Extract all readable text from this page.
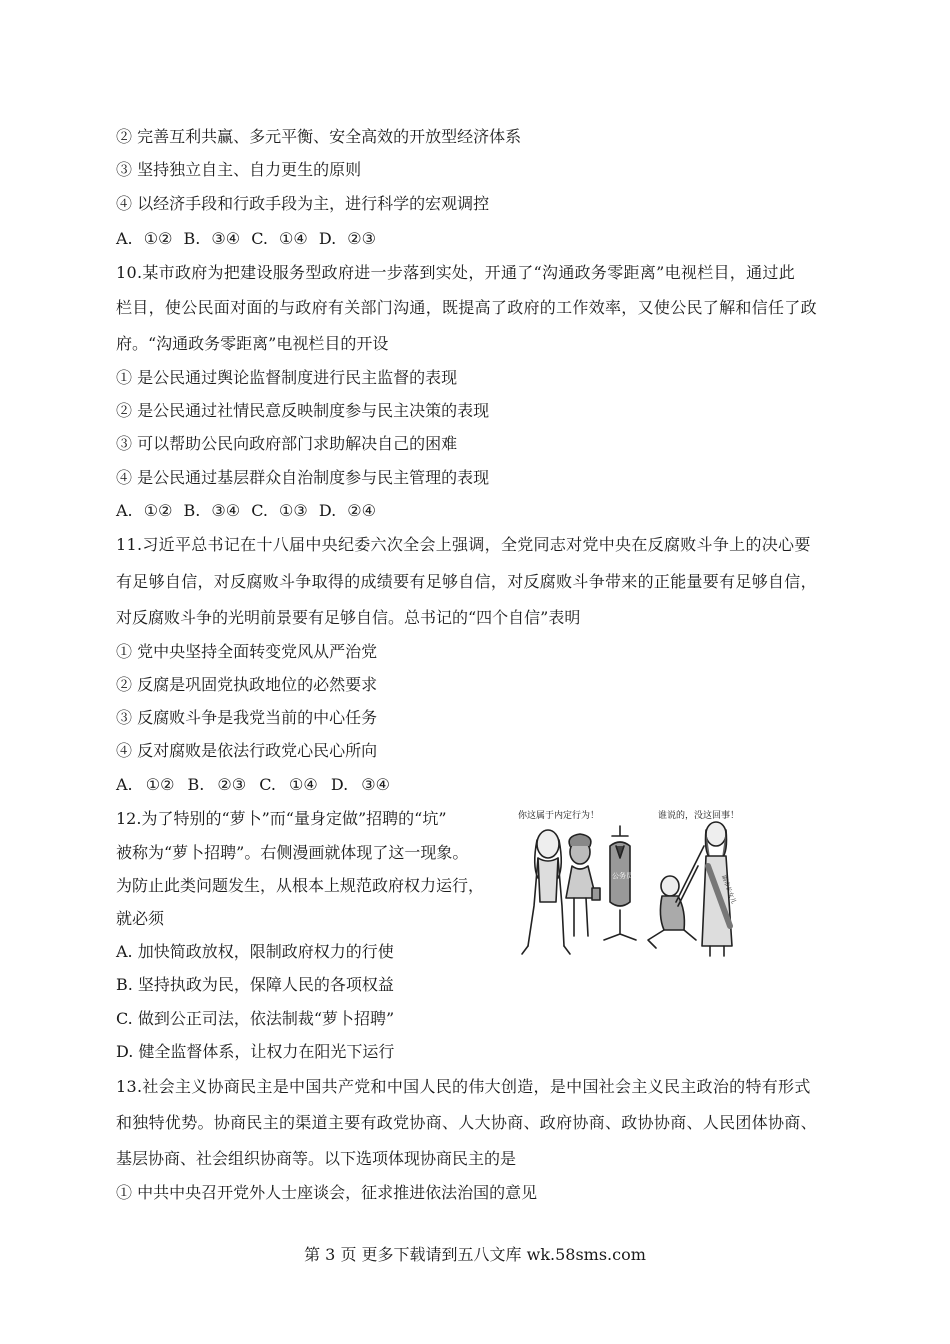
② 完善互利共赢、多元平衡、安全高效的开放型经济体系
③ 坚持独立自主、自力更生的原则
④ 以经济手段和行政手段为主，进行科学的宏观调控
A. ①② B. ③④ C. ①④ D. ②③
10.某市政府为把建设服务型政府进一步落到实处，开通了“沟通政务零距离”电视栏目，通过此
栏目，使公民面对面的与政府有关部门沟通，既提高了政府的工作效率，又使公民了解和信任了政
府。“沟通政务零距离”电视栏目的开设
① 是公民通过舆论监督制度进行民主监督的表现
② 是公民通过社情民意反映制度参与民主决策的表现
③ 可以帮助公民向政府部门求助解决自己的困难
④ 是公民通过基层群众自治制度参与民主管理的表现
A. ①② B. ③④ C. ①③ D. ②④
11.习近平总书记在十八届中央纪委六次全会上强调，全党同志对党中央在反腐败斗争上的决心要
有足够自信，对反腐败斗争取得的成绩要有足够自信，对反腐败斗争带来的正能量要有足够自信，
对反腐败斗争的光明前景要有足够自信。总书记的“四个自信”表明
① 党中央坚持全面转变党风从严治党
② 反腐是巩固党执政地位的必然要求
③ 反腐败斗争是我党当前的中心任务
④ 反对腐败是依法行政党心民心所向
A. ①② B. ②③ C. ①④ D. ③④
12.为了特别的“萝卜”而“量身定做”招聘的“坑”
被称为“萝卜招聘”。右侧漫画就体现了这一现象。
为防止此类问题发生，从根本上规范政府权力运行，
就必须
A. 加快简政放权，限制政府权力的行使
B. 坚持执政为民，保障人民的各项权益
C. 做到公正司法，依法制裁“萝卜招聘”
D. 健全监督体系，让权力在阳光下运行
你这属于内定行为！	谁说的，没这回事！
公务员	副市长女儿
13.社会主义协商民主是中国共产党和中国人民的伟大创造，是中国社会主义民主政治的特有形式
和独特优势。协商民主的渠道主要有政党协商、人大协商、政府协商、政协协商、人民团体协商、
基层协商、社会组织协商等。以下选项体现协商民主的是
① 中共中央召开党外人士座谈会，征求推进依法治国的意见
第 3 页 更多下载请到五八文库 wk.58sms.com
